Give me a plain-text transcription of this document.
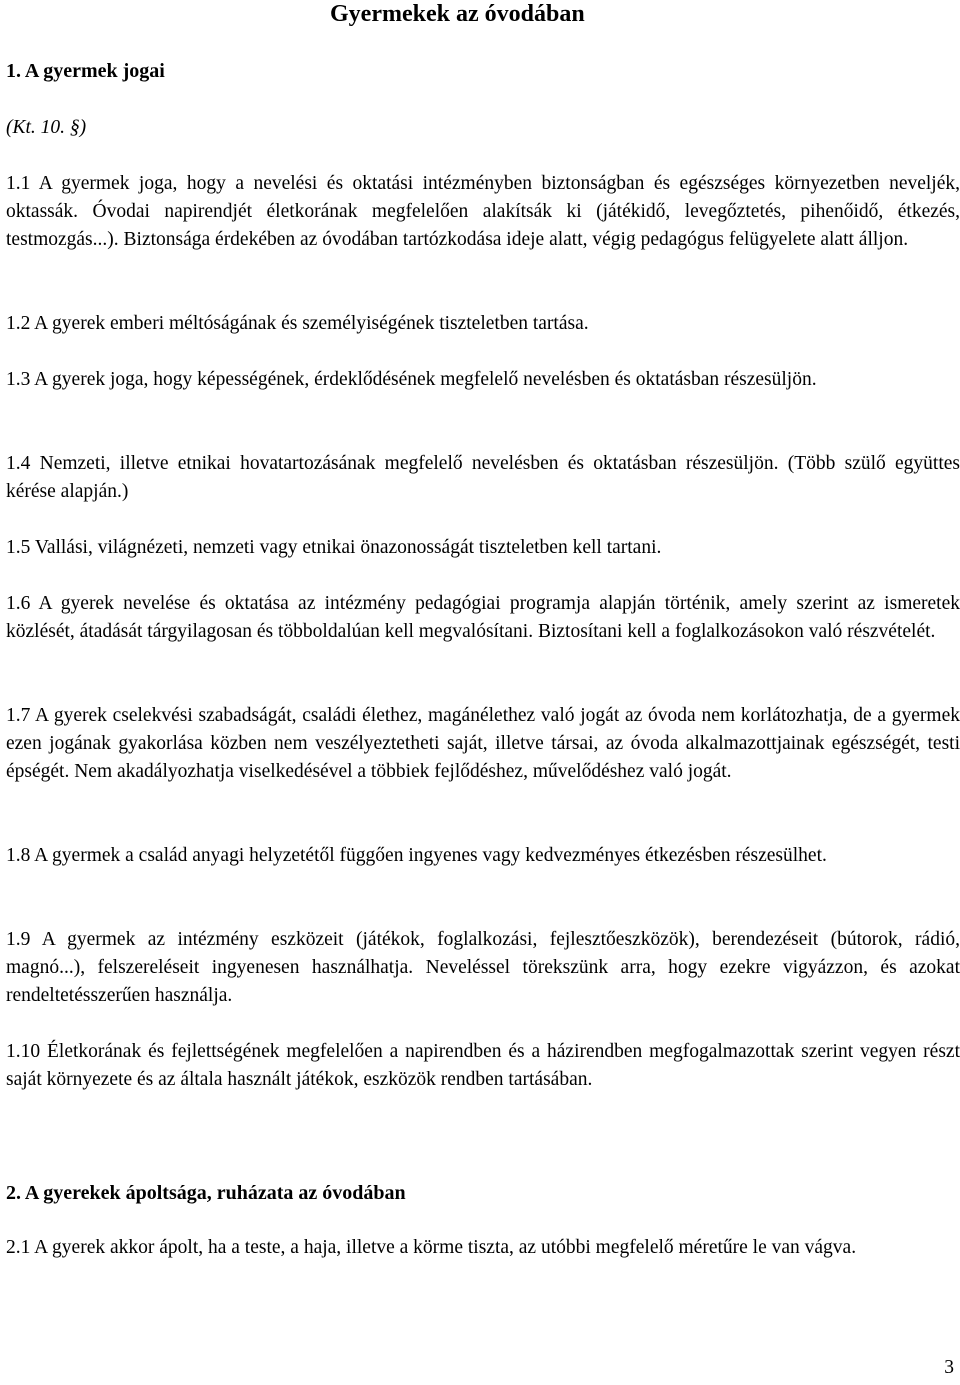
Gyermekek az óvodában
1. A gyermek jogai
(Kt. 10. §)
1.1 A gyermek joga, hogy a nevelési és oktatási intézményben biztonságban és egészséges környezetben neveljék, oktassák. Óvodai napirendjét életkorának megfelelően alakítsák ki (játékidő, levegőztetés, pihenőidő, étkezés, testmozgás...). Biztonsága érdekében az óvodában tartózkodása ideje alatt, végig pedagógus felügyelete alatt álljon.
1.2 A gyerek emberi méltóságának és személyiségének tiszteletben tartása.
1.3 A gyerek joga, hogy képességének, érdeklődésének megfelelő nevelésben és oktatásban részesüljön.
1.4 Nemzeti, illetve etnikai hovatartozásának megfelelő nevelésben és oktatásban részesüljön. (Több szülő együttes kérése alapján.)
1.5 Vallási, világnézeti, nemzeti vagy etnikai önazonosságát tiszteletben kell tartani.
1.6 A gyerek nevelése és oktatása az intézmény pedagógiai programja alapján történik, amely szerint az ismeretek közlését, átadását tárgyilagosan és többoldalúan kell megvalósítani. Biztosítani kell a foglalkozásokon való részvételét.
1.7 A gyerek cselekvési szabadságát, családi élethez, magánélethez való jogát az óvoda nem korlátozhatja, de a gyermek ezen jogának gyakorlása közben nem veszélyeztetheti saját, illetve társai, az óvoda alkalmazottjainak egészségét, testi épségét. Nem akadályozhatja viselkedésével a többiek fejlődéshez, művelődéshez való jogát.
1.8 A gyermek a család anyagi helyzetétől függően ingyenes vagy kedvezményes étkezésben részesülhet.
1.9 A gyermek az intézmény eszközeit (játékok, foglalkozási, fejlesztőeszközök), berendezéseit (bútorok, rádió, magnó...), felszereléseit ingyenesen használhatja. Neveléssel törekszünk arra, hogy ezekre vigyázzon, és azokat rendeltetésszerűen használja.
1.10 Életkorának és fejlettségének megfelelően a napirendben és a házirendben megfogalmazottak szerint vegyen részt saját környezete és az általa használt játékok, eszközök rendben tartásában.
2. A gyerekek ápoltsága, ruházata az óvodában
2.1 A gyerek akkor ápolt, ha a teste, a haja, illetve a körme tiszta, az utóbbi megfelelő méretűre le van vágva.
3
